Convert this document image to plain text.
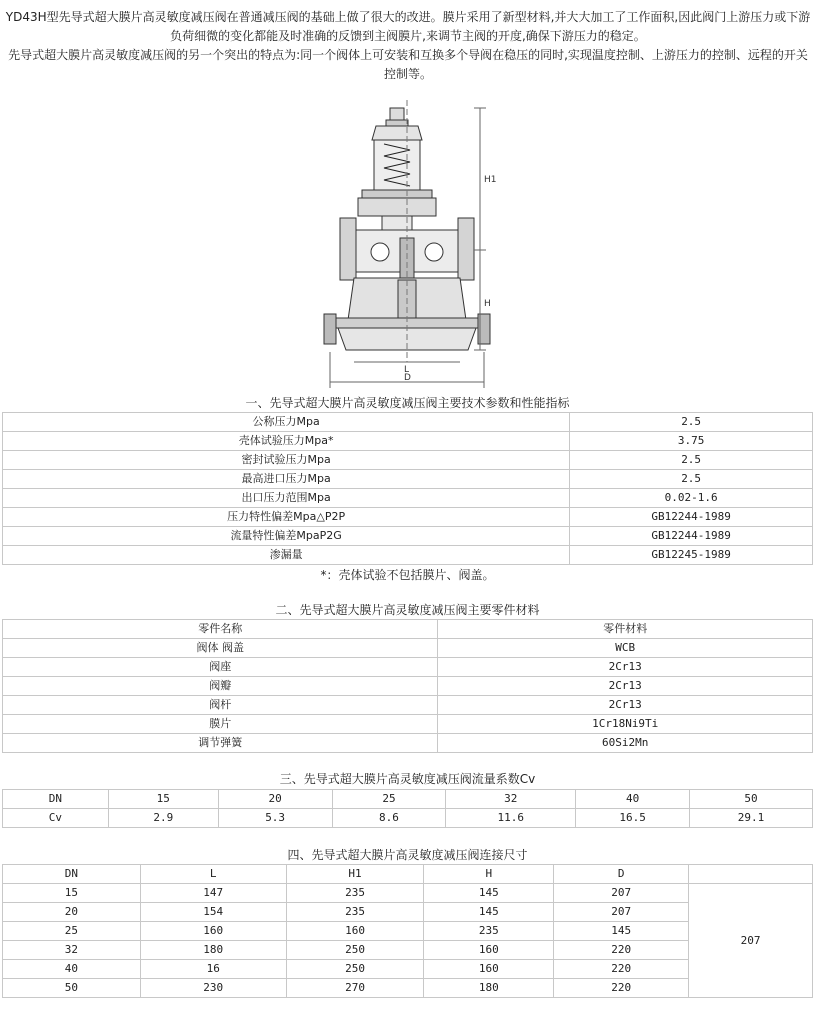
YD43H型先导式超大膜片高灵敏度减压阀在普通减压阀的基础上做了很大的改进。膜片采用了新型材料,并大大加工了工作面积,因此阀门上游压力或下游负荷细微的变化都能及时准确的反馈到主阀膜片,来调节主阀的开度,确保下游压力的稳定。

先导式超大膜片高灵敏度减压阀的另一个突出的特点为:同一个阀体上可安装和互换多个导阀在稳压的同时,实现温度控制、上游压力的控制、远程的开关控制等。

H1
H
L
D
一、先导式超大膜片高灵敏度减压阀主要技术参数和性能指标
公称压力Mpa	2.5
壳体试验压力Mpa*	3.75
密封试验压力Mpa	2.5
最高进口压力Mpa	2.5
出口压力范围Mpa	0.02-1.6
压力特性偏差Mpa△P2P	GB12244-1989
流量特性偏差MpaP2G	GB12244-1989
渗漏量	GB12245-1989
*：壳体试验不包括膜片、阀盖。
二、先导式超大膜片高灵敏度减压阀主要零件材料
零件名称	零件材料
阀体 阀盖	WCB
阀座	2Cr13
阀瓣	2Cr13
阀杆	2Cr13
膜片	1Cr18Ni9Ti
调节弹簧	60Si2Mn
三、先导式超大膜片高灵敏度减压阀流量系数Cv
DN	15	20	25	32	40	50
Cv	2.9	5.3	8.6	11.6	16.5	29.1
四、先导式超大膜片高灵敏度减压阀连接尺寸
DN	L	H1	H	D	
15	147	235	145	207	207
20	154	235	145	207	
25	160	160	235	145	
32	180	250	160	220	
40	16	250	160	220	
50	230	270	180	220	
